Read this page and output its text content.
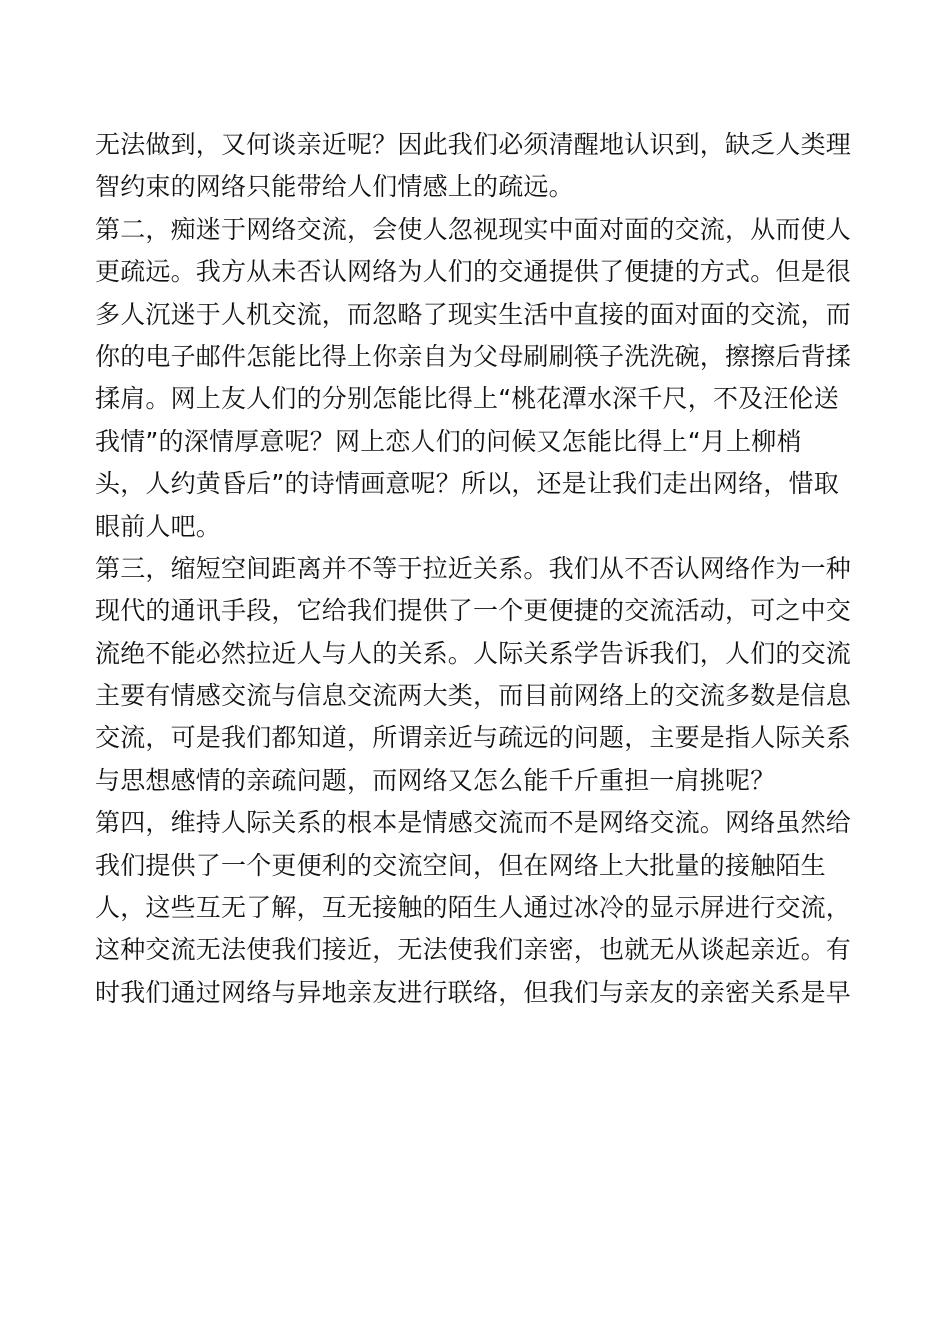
无法做到，又何谈亲近呢？因此我们必须清醒地认识到，缺乏人类理
智约束的网络只能带给人们情感上的疏远。
第二，痴迷于网络交流，会使人忽视现实中面对面的交流，从而使人
更疏远。我方从未否认网络为人们的交通提供了便捷的方式。但是很
多人沉迷于人机交流，而忽略了现实生活中直接的面对面的交流，而
你的电子邮件怎能比得上你亲自为父母刷刷筷子洗洗碗，擦擦后背揉
揉肩。网上友人们的分别怎能比得上“桃花潭水深千尺，不及汪伦送
我情”的深情厚意呢？网上恋人们的问候又怎能比得上“月上柳梢
头，人约黄昏后”的诗情画意呢？所以，还是让我们走出网络，惜取
眼前人吧。
第三，缩短空间距离并不等于拉近关系。我们从不否认网络作为一种
现代的通讯手段，它给我们提供了一个更便捷的交流活动，可之中交
流绝不能必然拉近人与人的关系。人际关系学告诉我们，人们的交流
主要有情感交流与信息交流两大类，而目前网络上的交流多数是信息
交流，可是我们都知道，所谓亲近与疏远的问题，主要是指人际关系
与思想感情的亲疏问题，而网络又怎么能千斤重担一肩挑呢？
第四，维持人际关系的根本是情感交流而不是网络交流。网络虽然给
我们提供了一个更便利的交流空间，但在网络上大批量的接触陌生
人，这些互无了解，互无接触的陌生人通过冰冷的显示屏进行交流，
这种交流无法使我们接近，无法使我们亲密，也就无从谈起亲近。有
时我们通过网络与异地亲友进行联络，但我们与亲友的亲密关系是早
